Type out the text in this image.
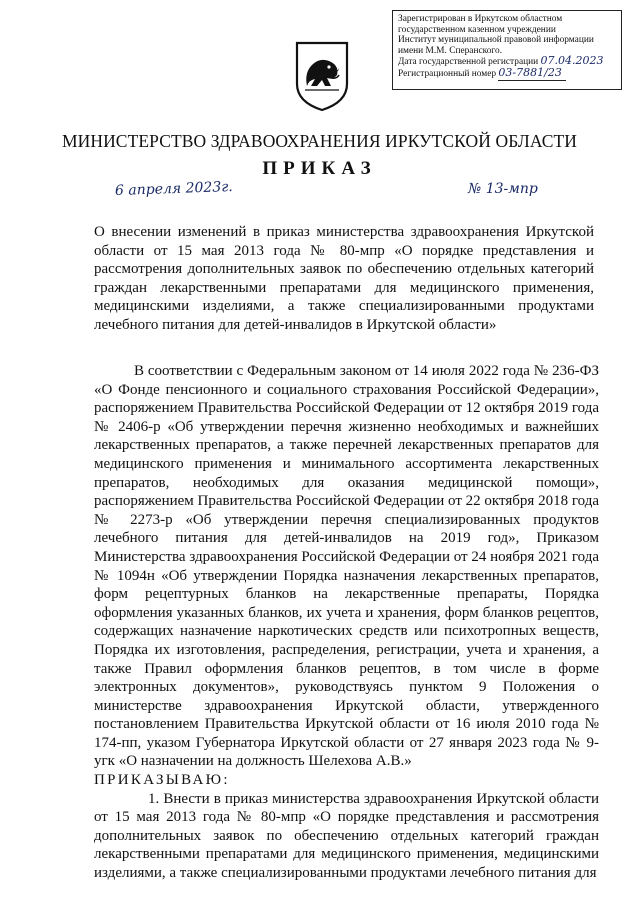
Зарегистрирован в Иркутском областном
государственном казенном учреждении
Институт муниципальной правовой информации
имени М.М. Сперанского.
Дата государственной регистрации 07.04.2023
Регистрационный номер 03-7881/23
МИНИСТЕРСТВО ЗДРАВООХРАНЕНИЯ ИРКУТСКОЙ ОБЛАСТИ
ПРИКАЗ
6 апреля 2023г.	№ 13-мпр
О внесении изменений в приказ министерства здравоохранения Иркутской области от 15 мая 2013 года № 80-мпр «О порядке представления и рассмотрения дополнительных заявок по обеспечению отдельных категорий граждан лекарственными препаратами для медицинского применения, медицинскими изделиями, а также специализированными продуктами лечебного питания для детей-инвалидов в Иркутской области»

В соответствии с Федеральным законом от 14 июля 2022 года № 236-ФЗ «О Фонде пенсионного и социального страхования Российской Федерации», распоряжением Правительства Российской Федерации от 12 октября 2019 года № 2406-р «Об утверждении перечня жизненно необходимых и важнейших лекарственных препаратов, а также перечней лекарственных препаратов для медицинского применения и минимального ассортимента лекарственных препаратов, необходимых для оказания медицинской помощи», распоряжением Правительства Российской Федерации от 22 октября 2018 года № 2273-р «Об утверждении перечня специализированных продуктов лечебного питания для детей-инвалидов на 2019 год», Приказом Министерства здравоохранения Российской Федерации от 24 ноября 2021 года № 1094н «Об утверждении Порядка назначения лекарственных препаратов, форм рецептурных бланков на лекарственные препараты, Порядка оформления указанных бланков, их учета и хранения, форм бланков рецептов, содержащих назначение наркотических средств или психотропных веществ, Порядка их изготовления, распределения, регистрации, учета и хранения, а также Правил оформления бланков рецептов, в том числе в форме электронных документов», руководствуясь пунктом 9 Положения о министерстве здравоохранения Иркутской области, утвержденного постановлением Правительства Иркутской области от 16 июля 2010 года № 174-пп, указом Губернатора Иркутской области от 27 января 2023 года № 9-угк «О назначении на должность Шелехова А.В.»

ПРИКАЗЫВАЮ:

1. Внести в приказ министерства здравоохранения Иркутской области от 15 мая 2013 года № 80-мпр «О порядке представления и рассмотрения дополнительных заявок по обеспечению отдельных категорий граждан лекарственными препаратами для медицинского применения, медицинскими изделиями, а также специализированными продуктами лечебного питания для
